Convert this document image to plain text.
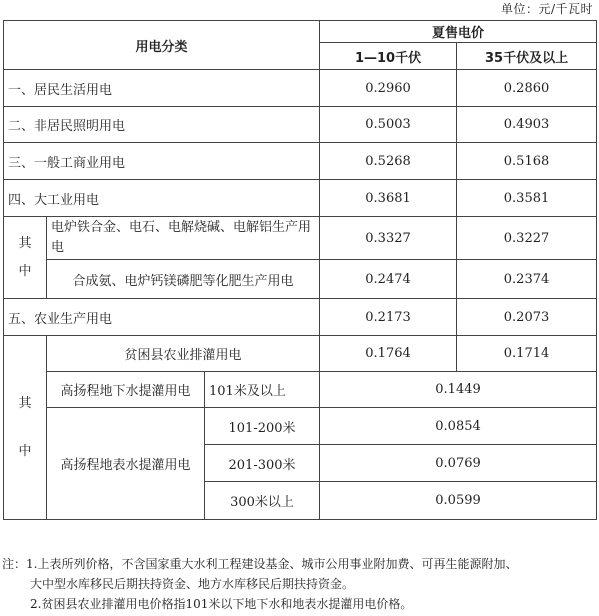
单位：元/千瓦时
用电分类			夏售电价	
			1—10千伏	35千伏及以上
一、居民生活用电			0.2960	0.2860
二、非居民照明用电			0.5003	0.4903
三、一般工商业用电			0.5268	0.5168
四、大工业用电			0.3681	0.3581

其
中	电炉铁合金、电石、电解烧碱、电解铝生产用电		0.3327	0.3227
	合成氨、电炉钙镁磷肥等化肥生产用电		0.2474	0.2374
五、农业生产用电			0.2173	0.2073

其
中	贫困县农业排灌用电		0.1764	0.1714
	高扬程地下水提灌用电	101米及以上	0.1449	
	高扬程地表水提灌用电	101-200米	0.0854	
		201-300米	0.0769	
		300米以上	0.0599	
注：1.上表所列价格，不含国家重大水利工程建设基金、城市公用事业附加费、可再生能源附加、
大中型水库移民后期扶持资金、地方水库移民后期扶持资金。
2.贫困县农业排灌用电价格指101米以下地下水和地表水提灌用电价格。
